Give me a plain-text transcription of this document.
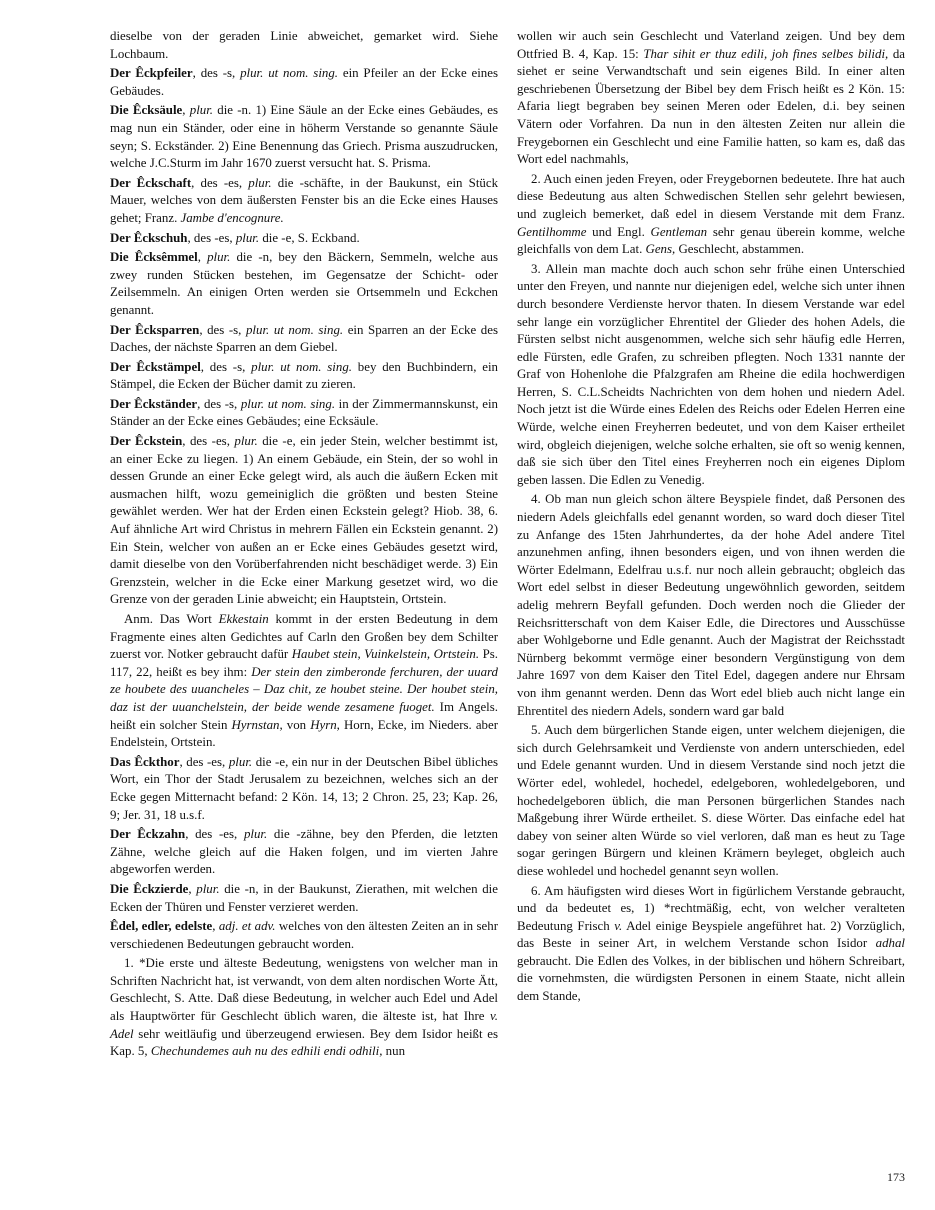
dieselbe von der geraden Linie abweichet, gemarket wird. Siehe Lochbaum.

Der Êckpfeiler, des -s, plur. ut nom. sing. ein Pfeiler an der Ecke eines Gebäudes.

Die Êcksäule, plur. die -n. 1) Eine Säule an der Ecke eines Gebäudes, es mag nun ein Ständer, oder eine in höherm Verstande so genannte Säule seyn; S. Eckständer. 2) Eine Benennung das Griech. Prisma auszudrucken, welche J.C.Sturm im Jahr 1670 zuerst versucht hat. S. Prisma.

Der Êckschaft, des -es, plur. die -schäfte, in der Baukunst, ein Stück Mauer, welches von dem äußersten Fenster bis an die Ecke eines Hauses gehet; Franz. Jambe d'encognure.

Der Êckschuh, des -es, plur. die -e, S. Eckband.

Die Êcksêmmel, plur. die -n, bey den Bäckern, Semmeln, welche aus zwey runden Stücken bestehen, im Gegensatze der Schicht- oder Zeilsemmeln. An einigen Orten werden sie Ortsemmeln und Eckchen genannt.

Der Êcksparren, des -s, plur. ut nom. sing. ein Sparren an der Ecke des Daches, der nächste Sparren an dem Giebel.

Der Êckstämpel, des -s, plur. ut nom. sing. bey den Buchbindern, ein Stämpel, die Ecken der Bücher damit zu zieren.

Der Êckständer, des -s, plur. ut nom. sing. in der Zimmermannskunst, ein Ständer an der Ecke eines Gebäudes; eine Ecksäule.

Der Êckstein, des -es, plur. die -e, ein jeder Stein, welcher bestimmt ist, an einer Ecke zu liegen. 1) An einem Gebäude, ein Stein, der so wohl in dessen Grunde an einer Ecke gelegt wird, als auch die äußern Ecken mit ausmachen hilft, wozu gemeiniglich die größten und besten Steine gewählet werden. Wer hat der Erden einen Eckstein gelegt? Hiob. 38, 6. Auf ähnliche Art wird Christus in mehrern Fällen ein Eckstein genannt. 2) Ein Stein, welcher von außen an er Ecke eines Gebäudes gesetzt wird, damit dieselbe von den Vorüberfahrenden nicht beschädiget werde. 3) Ein Grenzstein, welcher in die Ecke einer Markung gesetzet wird, wo die Grenze von der geraden Linie abweicht; ein Hauptstein, Ortstein.

Anm. Das Wort Ekkestain kommt in der ersten Bedeutung in dem Fragmente eines alten Gedichtes auf Carln den Großen bey dem Schilter zuerst vor. Notker gebraucht dafür Haubet stein, Vuinkelstein, Ortstein. Ps. 117, 22, heißt es bey ihm: Der stein den zimberonde ferchuren, der uuard ze houbete des uuancheles – Daz chit, ze houbet steine. Der houbet stein, daz ist der uuanchelstein, der beide wende zesamene fuoget. Im Angels. heißt ein solcher Stein Hyrnstan, von Hyrn, Horn, Ecke, im Nieders. aber Endelstein, Ortstein.

Das Êckthor, des -es, plur. die -e, ein nur in der Deutschen Bibel übliches Wort, ein Thor der Stadt Jerusalem zu bezeichnen, welches sich an der Ecke gegen Mitternacht befand: 2 Kön. 14, 13; 2 Chron. 25, 23; Kap. 26, 9; Jer. 31, 18 u.s.f.

Der Êckzahn, des -es, plur. die -zähne, bey den Pferden, die letzten Zähne, welche gleich auf die Haken folgen, und im vierten Jahre abgeworfen werden.

Die Êckzierde, plur. die -n, in der Baukunst, Zierathen, mit welchen die Ecken der Thüren und Fenster verzieret werden.

Êdel, edler, edelste, adj. et adv. welches von den ältesten Zeiten an in sehr verschiedenen Bedeutungen gebraucht worden.

1. *Die erste und älteste Bedeutung, wenigstens von welcher man in Schriften Nachricht hat, ist verwandt, von dem alten nordischen Worte Ätt, Geschlecht, S. Atte. Daß diese Bedeutung, in welcher auch Edel und Adel als Hauptwörter für Geschlecht üblich waren, die älteste ist, hat Ihre v. Adel sehr weitläufig und überzeugend erwiesen. Bey dem Isidor heißt es Kap. 5, Chechundemes auh nu des edhili endi odhili, nun

wollen wir auch sein Geschlecht und Vaterland zeigen. Und bey dem Ottfried B. 4, Kap. 15: Thar sihit er thuz edili, joh fines selbes bilidi, da siehet er seine Verwandtschaft und sein eigenes Bild. In einer alten geschriebenen Übersetzung der Bibel bey dem Frisch heißt es 2 Kön. 15: Afaria liegt begraben bey seinen Meren oder Edelen, d.i. bey seinen Vätern oder Vorfahren. Da nun in den ältesten Zeiten nur allein die Freygebornen ein Geschlecht und eine Familie hatten, so kam es, daß das Wort edel nachmahls,

2. Auch einen jeden Freyen, oder Freygebornen bedeutete. Ihre hat auch diese Bedeutung aus alten Schwedischen Stellen sehr gelehrt bewiesen, und zugleich bemerket, daß edel in diesem Verstande mit dem Franz. Gentilhomme und Engl. Gentleman sehr genau überein komme, welche gleichfalls von dem Lat. Gens, Geschlecht, abstammen.

3. Allein man machte doch auch schon sehr frühe einen Unterschied unter den Freyen, und nannte nur diejenigen edel, welche sich unter ihnen durch besondere Verdienste hervor thaten. In diesem Verstande war edel sehr lange ein vorzüglicher Ehrentitel der Glieder des hohen Adels, die Fürsten selbst nicht ausgenommen, welche sich sehr häufig edle Herren, edle Fürsten, edle Grafen, zu schreiben pflegten. Noch 1331 nannte der Graf von Hohenlohe die Pfalzgrafen am Rheine die edila hochwerdigen Herren, S. C.L.Scheidts Nachrichten von dem hohen und niedern Adel. Noch jetzt ist die Würde eines Edelen des Reichs oder Edelen Herren eine Würde, welche einen Freyherren bedeutet, und von dem Kaiser ertheilet wird, obgleich diejenigen, welche solche erhalten, sie oft so wenig kennen, daß sie sich über den Titel eines Freyherren noch ein eigenes Diplom geben lassen. Die Edlen zu Venedig.

4. Ob man nun gleich schon ältere Beyspiele findet, daß Personen des niedern Adels gleichfalls edel genannt worden, so ward doch dieser Titel zu Anfange des 15ten Jahrhundertes, da der hohe Adel andere Titel anzunehmen anfing, ihnen besonders eigen, und von ihnen werden die Wörter Edelmann, Edelfrau u.s.f. nur noch allein gebraucht; obgleich das Wort edel selbst in dieser Bedeutung ungewöhnlich geworden, seitdem adelig mehrern Beyfall gefunden. Doch werden noch die Glieder der Reichsritterschaft von dem Kaiser Edle, die Directores und Ausschüsse aber Wohlgeborne und Edle genannt. Auch der Magistrat der Reichsstadt Nürnberg bekommt vermöge einer besondern Vergünstigung von dem Jahre 1697 von dem Kaiser den Titel Edel, dagegen andere nur Ehrsam von ihm genannt werden. Denn das Wort edel blieb auch nicht lange ein Ehrentitel des niedern Adels, sondern ward gar bald

5. Auch dem bürgerlichen Stande eigen, unter welchem diejenigen, die sich durch Gelehrsamkeit und Verdienste von andern unterschieden, edel und Edele genannt wurden. Und in diesem Verstande sind noch jetzt die Wörter edel, wohledel, hochedel, edelgeboren, wohledelgeboren, und hochedelgeboren üblich, die man Personen bürgerlichen Standes nach Maßgebung ihrer Würde ertheilet. S. diese Wörter. Das einfache edel hat dabey von seiner alten Würde so viel verloren, daß man es heut zu Tage sogar geringen Bürgern und kleinen Krämern beyleget, obgleich auch diese wohledel und hochedel genannt seyn wollen.

6. Am häufigsten wird dieses Wort in figürlichem Verstande gebraucht, und da bedeutet es, 1) *rechtmäßig, echt, von welcher veralteten Bedeutung Frisch v. Adel einige Beyspiele angeführet hat. 2) Vorzüglich, das Beste in seiner Art, in welchem Verstande schon Isidor adhal gebraucht. Die Edlen des Volkes, in der biblischen und höhern Schreibart, die vornehmsten, die würdigsten Personen in einem Staate, nicht allein dem Stande,

173
